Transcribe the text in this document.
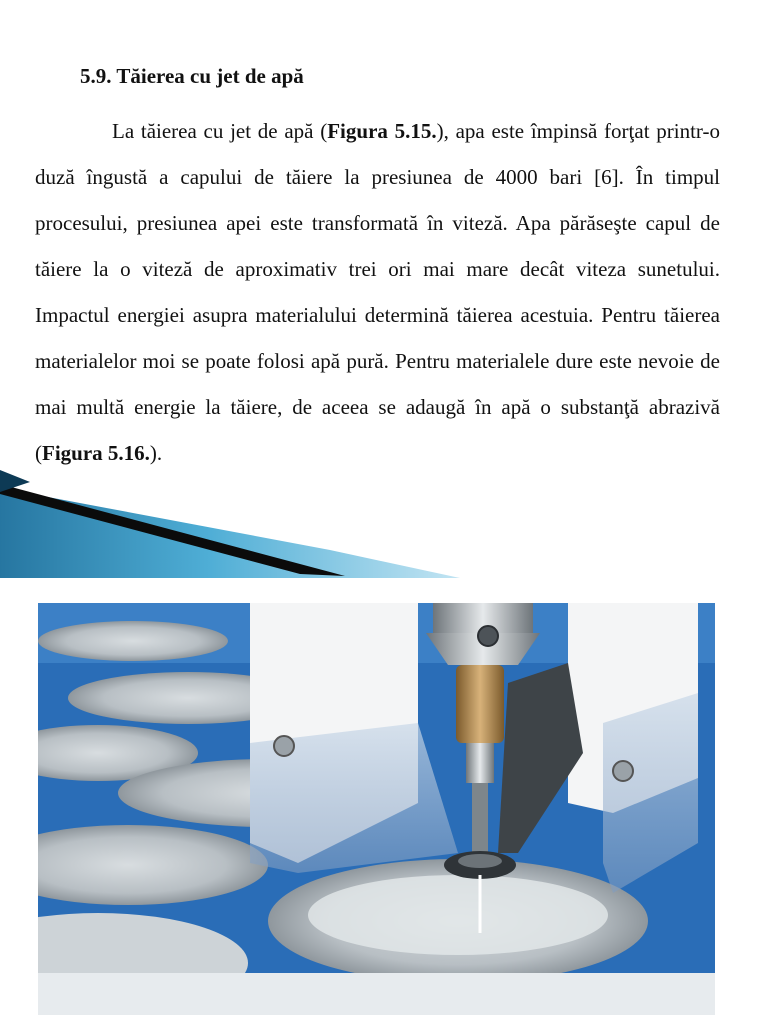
5.9. Tăierea cu jet de apă

La tăierea cu jet de apă (Figura 5.15.), apa este împinsă forţat printr-o duză îngustă a capului de tăiere la presiunea de 4000 bari [6]. În timpul procesului, presiunea apei este transformată în viteză. Apa părăseşte capul de tăiere la o viteză de aproximativ trei ori mai mare decât viteza sunetului. Impactul energiei asupra materialului determină tăierea acestuia. Pentru tăierea materialelor moi se poate folosi apă pură. Pentru materialele dure este nevoie de mai multă energie la tăiere, de aceea se adaugă în apă o substanţă abrazivă (Figura 5.16.).
